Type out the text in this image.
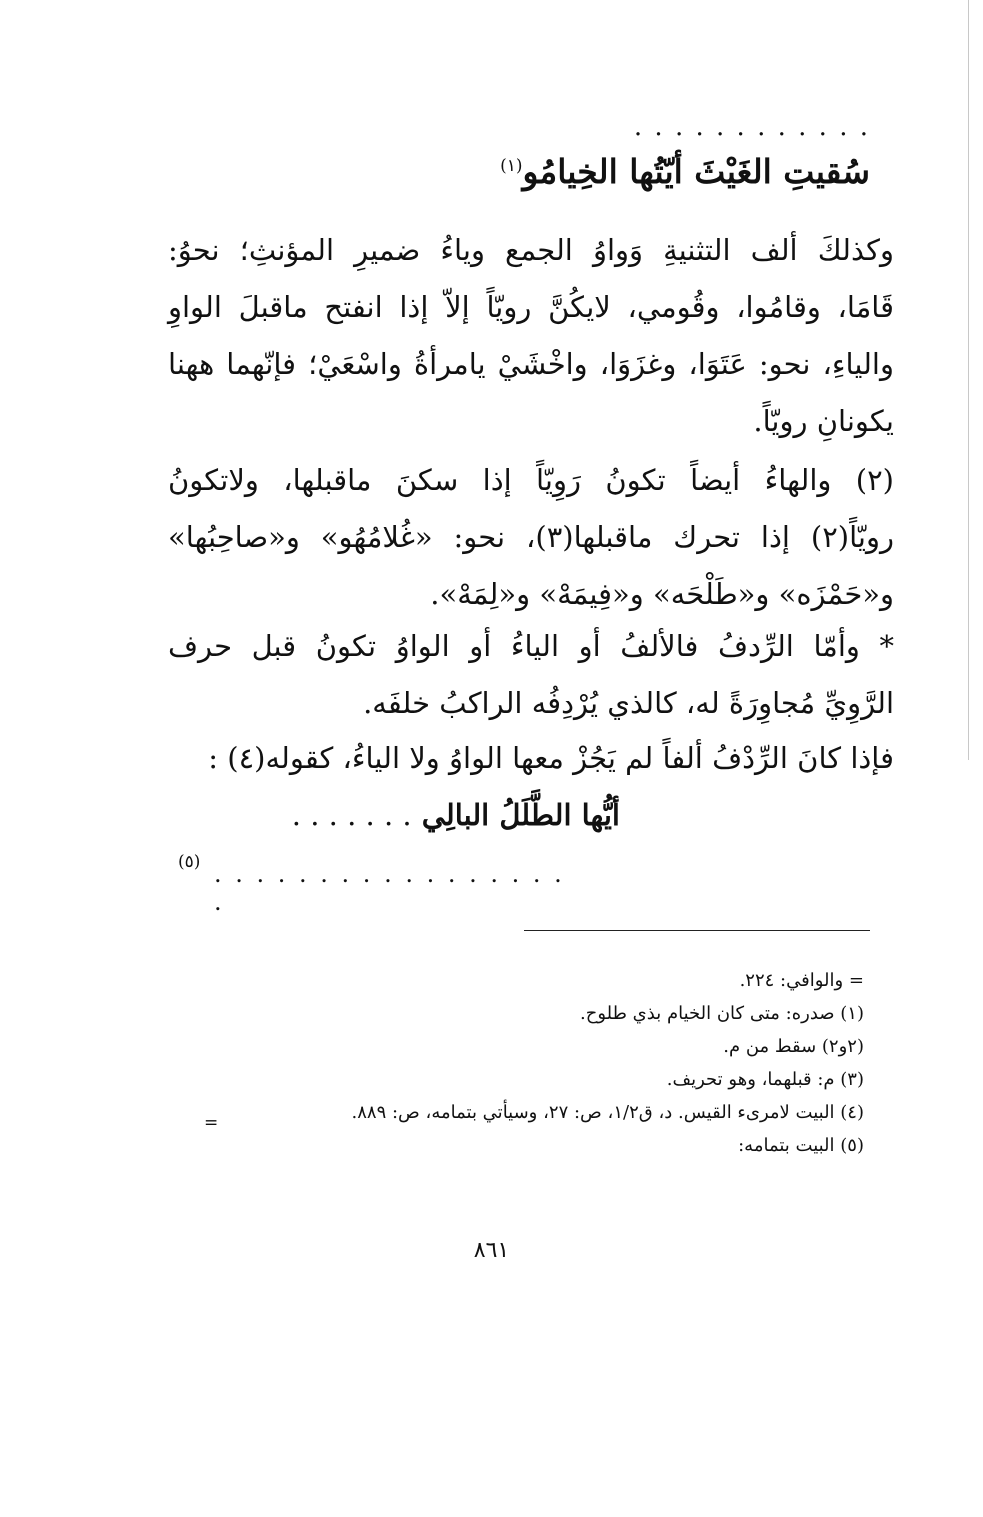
. . . . . . . . . . . .
سُقيتِ الغَيْثَ أيّتُها الخِيامُو$^{(١)}$
وكذلكَ ألف التثنيةِ وَواوُ الجمع وياءُ ضميرِ المؤنثِ؛ نحوُ:
قَامَا، وقامُوا، وقُومي، لايكُنَّ رويّاً إلاّ إذا انفتح ماقبلَ الواوِ
والياءِ، نحو: عَتَوَا، وغزَوَا، واخْشَيْ يامرأةُ واسْعَيْ؛ فإنّهما ههنا
يكونانِ رويّاً.
(٢) والهاءُ أيضاً تكونُ رَوِيّاً إذا سكنَ ماقبلها، ولاتكونُ
رويّاً(٢) إذا تحرك ماقبلها(٣)، نحو: «غُلامُهُو» و«صاحِبُها»
و«حَمْزَه» و«طَلْحَه» و«فِيمَهْ» و«لِمَهْ».
* وأمّا الرِّدفُ فالألفُ أو الياءُ أو الواوُ تكونُ قبل حرف
الرَّوِيِّ مُجاوِرَةً له، كالذي يُرْدِفُه الراكبُ خلفَه.
فإذا كانَ الرِّدْفُ ألفاً لم يَجُزْ معها الواوُ ولا الياءُ، كقوله(٤) :
أيُّها الطَّلَلُ البالِي . . . . . . .
(٥) . . . . . . . . . . . . . . . . . .
= والوافي: ٢٢٤.
(١) صدره: متى كان الخيام بذي طلوح.
(٢و٢) سقط من م.
(٣) م: قبلهما، وهو تحريف.
(٤) البيت لامرىء القيس. د، ق١/٢، ص: ٢٧، وسيأتي بتمامه، ص: ٨٨٩.
(٥) البيت بتمامه:
=
٨٦١
